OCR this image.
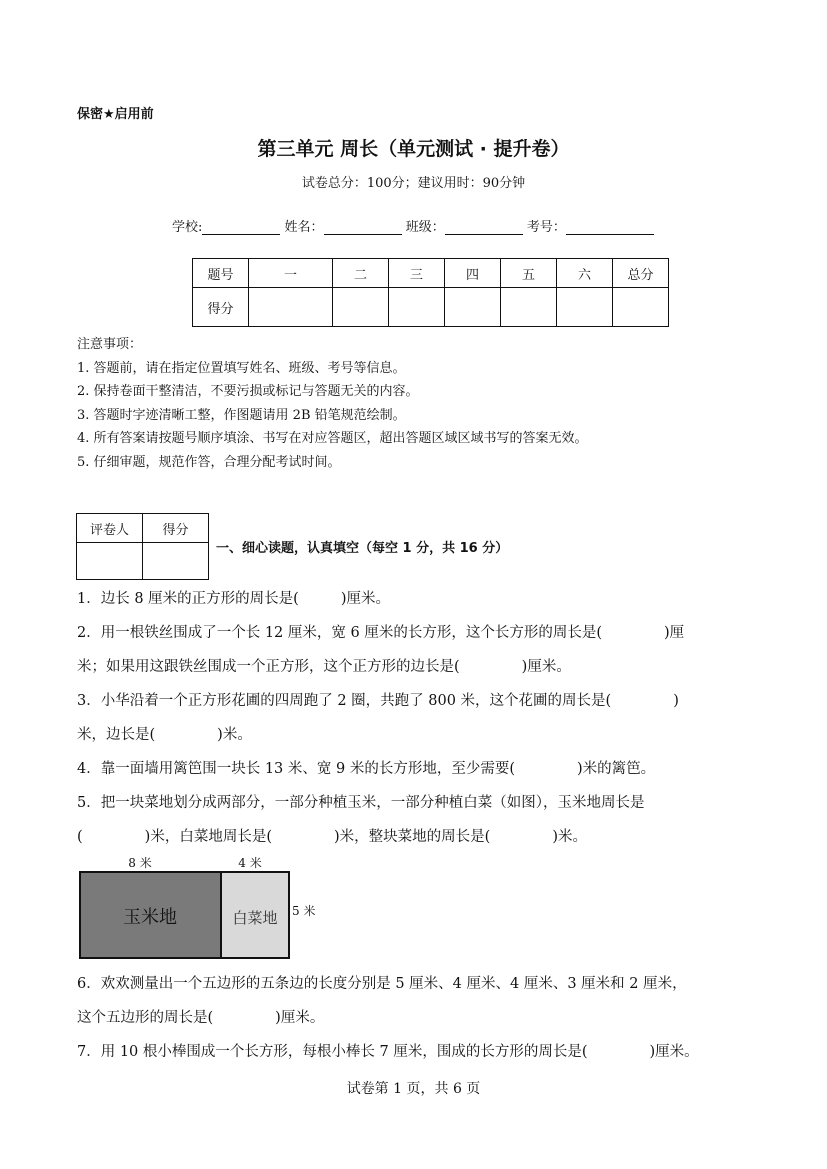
保密★启用前
第三单元 周长（单元测试 · 提升卷）
试卷总分：100分；建议用时：90分钟
学校:	姓名：	班级：	考号：
题号	一	二	三	四	五	六	总分
得分							
注意事项：
1. 答题前，请在指定位置填写姓名、班级、考号等信息。
2. 保持卷面干整清洁，不要污损或标记与答题无关的内容。
3. 答题时字迹清晰工整，作图题请用 2B 铅笔规范绘制。
4. 所有答案请按题号顺序填涂、书写在对应答题区，超出答题区域区域书写的答案无效。
5. 仔细审题，规范作答，合理分配考试时间。
评卷人	得分

一、细心读题，认真填空（每空 1 分，共 16 分）
1．边长 8 厘米的正方形的周长是(	)厘米。
2．用一根铁丝围成了一个长 12 厘米，宽 6 厘米的长方形，这个长方形的周长是(	)厘
米；如果用这跟铁丝围成一个正方形，这个正方形的边长是(	)厘米。
3．小华沿着一个正方形花圃的四周跑了 2 圈，共跑了 800 米，这个花圃的周长是(	)
米，边长是(	)米。
4．靠一面墙用篱笆围一块长 13 米、宽 9 米的长方形地，至少需要(	)米的篱笆。
5．把一块菜地划分成两部分，一部分种植玉米，一部分种植白菜（如图），玉米地周长是
(	)米，白菜地周长是(	)米，整块菜地的周长是(	)米。
玉米地	白菜地
8 米	4 米
5 米
6．欢欢测量出一个五边形的五条边的长度分别是 5 厘米、4 厘米、4 厘米、3 厘米和 2 厘米，
这个五边形的周长是(	)厘米。
7．用 10 根小棒围成一个长方形，每根小棒长 7 厘米，围成的长方形的周长是(	)厘米。
试卷第 1 页，共 6 页
